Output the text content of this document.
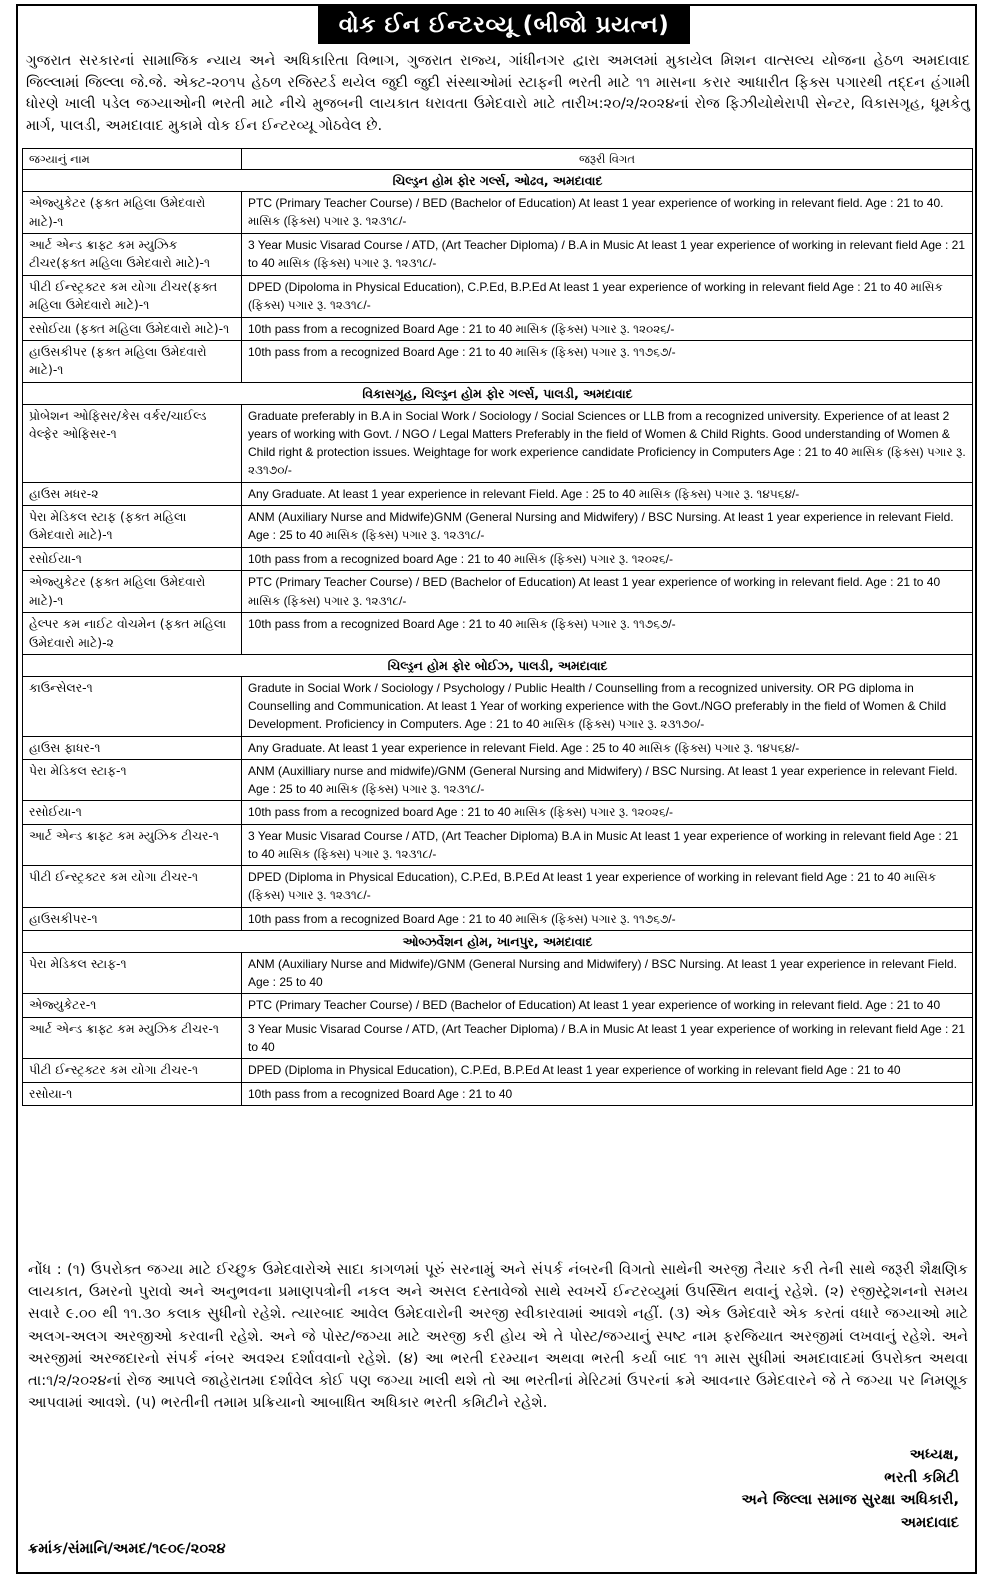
વોક ઈન ઈન્ટરવ્યૂ (બીજો પ્રયત્ન)

ગુજરાત સરકારનાં સામાજિક ન્યાય અને અધિકારિતા વિભાગ, ગુજરાત રાજ્ય, ગાંધીનગર દ્વારા અમલમાં મુકાયેલ મિશન વાત્સલ્ય યોજના હેઠળ અમદાવાદ જિલ્લામાં જિલ્લા જે.જે. એક્ટ-૨૦૧૫ હેઠળ રજિસ્ટર્ડ થયેલ જુદી જુદી સંસ્થાઓમાં સ્ટાફની ભરતી માટે ૧૧ માસના કરાર આધારીત ફિક્સ પગારથી તદ્દન હંગામી ધોરણે ખાલી પડેલ જગ્યાઓની ભરતી માટે નીચે મુજબની લાયકાત ધરાવતા ઉમેદવારો માટે તારીખ:૨૦/૨/૨૦૨૪નાં રોજ ફિઝીયોથેરાપી સેન્ટર, વિકાસગૃહ, ધૂમકેતુ માર્ગ, પાલડી, અમદાવાદ મુકામે વોક ઈન ઈન્ટરવ્યૂ ગોઠવેલ છે.

જગ્યાનું નામ	જરૂરી વિગત
ચિલ્ડ્રન હોમ ફોર ગર્લ્સ, ઓઢવ, અમદાવાદ	
એજ્યુકેટર (ફક્ત મહિલા ઉમેદવારો માટે)-૧	PTC (Primary Teacher Course) / BED (Bachelor of Education) At least 1 year experience of working in relevant field. Age : 21 to 40. માસિક (ફિક્સ) પગાર રૂ. ૧૨૩૧૮/-
આર્ટ એન્ડ ક્રાફ્ટ કમ મ્યુઝિક ટીચર(ફક્ત મહિલા ઉમેદવારો માટે)-૧	3 Year Music Visarad Course / ATD, (Art Teacher Diploma) / B.A in Music At least 1 year experience of working in relevant field Age : 21 to 40 માસિક (ફિક્સ) પગાર રૂ. ૧૨૩૧૮/-
પીટી ઈન્સ્ટ્રક્ટર કમ યોગા ટીચર(ફક્ત મહિલા ઉમેદવારો માટે)-૧	DPED (Dipoloma in Physical Education), C.P.Ed, B.P.Ed At least 1 year experience of working in relevant field Age : 21 to 40 માસિક (ફિક્સ) પગાર રૂ. ૧૨૩૧૮/-
રસોઈયા (ફક્ત મહિલા ઉમેદવારો માટે)-૧	10th pass from a recognized Board Age : 21 to 40 માસિક (ફિક્સ) પગાર રૂ. ૧૨૦૨૬/-
હાઉસકીપર (ફક્ત મહિલા ઉમેદવારો માટે)-૧	10th pass from a recognized Board Age : 21 to 40 માસિક (ફિક્સ) પગાર રૂ. ૧૧૭૬૭/-
વિકાસગૃહ, ચિલ્ડ્રન હોમ ફોર ગર્લ્સ, પાલડી, અમદાવાદ	
પ્રોબેશન ઓફિસર/કેસ વર્કર/ચાઈલ્ડ વેલ્ફેર ઓફિસર-૧	Graduate preferably in B.A in Social Work / Sociology / Social Sciences or LLB from a recognized university. Experience of at least 2 years of working with Govt. / NGO / Legal Matters Preferably in the field of Women & Child Rights. Good understanding of Women & Child right & protection issues. Weightage for work experience candidate Proficiency in Computers Age : 21 to 40 માસિક (ફિક્સ) પગાર રૂ. ૨૩૧૭૦/-
હાઉસ મધર-૨	Any Graduate. At least 1 year experience in relevant Field. Age : 25 to 40 માસિક (ફિક્સ) પગાર રૂ. ૧૪૫૬૪/-
પેરા મેડિકલ સ્ટાફ (ફક્ત મહિલા ઉમેદવારો માટે)-૧	ANM (Auxiliary Nurse and Midwife)GNM (General Nursing and Midwifery) / BSC Nursing. At least 1 year experience in relevant Field. Age : 25 to 40 માસિક (ફિક્સ) પગાર રૂ. ૧૨૩૧૮/-
રસોઈયા-૧	10th pass from a recognized board Age : 21 to 40 માસિક (ફિક્સ) પગાર રૂ. ૧૨૦૨૬/-
એજ્યુકેટર (ફક્ત મહિલા ઉમેદવારો માટે)-૧	PTC (Primary Teacher Course) / BED (Bachelor of Education) At least 1 year experience of working in relevant field. Age : 21 to 40 માસિક (ફિક્સ) પગાર રૂ. ૧૨૩૧૮/-
હેલ્પર કમ નાઈટ વોચમેન (ફક્ત મહિલા ઉમેદવારો માટે)-૨	10th pass from a recognized Board Age : 21 to 40 માસિક (ફિક્સ) પગાર રૂ. ૧૧૭૬૭/-
ચિલ્ડ્રન હોમ ફોર બોઈઝ, પાલડી, અમદાવાદ	
કાઉન્સેલર-૧	Gradute in Social Work / Sociology / Psychology / Public Health / Counselling from a recognized university. OR PG diploma in Counselling and Communication. At least 1 Year of working experience with the Govt./NGO preferably in the field of Women & Child Development. Proficiency in Computers. Age : 21 to 40 માસિક (ફિક્સ) પગાર રૂ. ૨૩૧૭૦/-
હાઉસ ફાધર-૧	Any Graduate. At least 1 year experience in relevant Field. Age : 25 to 40 માસિક (ફિક્સ) પગાર રૂ. ૧૪૫૬૪/-
પેરા મેડિકલ સ્ટાફ-૧	ANM (Auxilliary nurse and midwife)/GNM (General Nursing and Midwifery) / BSC Nursing. At least 1 year experience in relevant Field. Age : 25 to 40 માસિક (ફિક્સ) પગાર રૂ. ૧૨૩૧૮/-
રસોઈયા-૧	10th pass from a recognized board Age : 21 to 40 માસિક (ફિક્સ) પગાર રૂ. ૧૨૦૨૬/-
આર્ટ એન્ડ ક્રાફ્ટ કમ મ્યુઝિક ટીચર-૧	3 Year Music Visarad Course / ATD, (Art Teacher Diploma) B.A in Music At least 1 year experience of working in relevant field Age : 21 to 40 માસિક (ફિક્સ) પગાર રૂ. ૧૨૩૧૮/-
પીટી ઈન્સ્ટ્રક્ટર કમ યોગા ટીચર-૧	DPED (Diploma in Physical Education), C.P.Ed, B.P.Ed At least 1 year experience of working in relevant field Age : 21 to 40 માસિક (ફિક્સ) પગાર રૂ. ૧૨૩૧૮/-
હાઉસકીપર-૧	10th pass from a recognized Board Age : 21 to 40 માસિક (ફિક્સ) પગાર રૂ. ૧૧૭૬૭/-
ઓબ્ઝર્વેશન હોમ, ખાનપુર, અમદાવાદ	
પેરા મેડિકલ સ્ટાફ-૧	ANM (Auxiliary Nurse and Midwife)/GNM (General Nursing and Midwifery) / BSC Nursing. At least 1 year experience in relevant Field. Age : 25 to 40
એજ્યુકેટર-૧	PTC (Primary Teacher Course) / BED (Bachelor of Education) At least 1 year experience of working in relevant field. Age : 21 to 40
આર્ટ એન્ડ ક્રાફ્ટ કમ મ્યુઝિક ટીચર-૧	3 Year Music Visarad Course / ATD, (Art Teacher Diploma) / B.A in Music At least 1 year experience of working in relevant field Age : 21 to 40
પીટી ઈન્સ્ટ્રક્ટર કમ યોગા ટીચર-૧	DPED (Diploma in Physical Education), C.P.Ed, B.P.Ed At least 1 year experience of working in relevant field Age : 21 to 40
રસોયા-૧	10th pass from a recognized Board Age : 21 to 40

નોંધ : (૧) ઉપરોક્ત જગ્યા માટે ઈચ્છુક ઉમેદવારોએ સાદા કાગળમાં પૂરું સરનામું અને સંપર્ક નંબરની વિગતો સાથેની અરજી તૈયાર કરી તેની સાથે જરૂરી શૈક્ષણિક લાયકાત, ઉમરનો પુરાવો અને અનુભવના પ્રમાણપત્રોની નકલ અને અસલ દસ્તાવેજો સાથે સ્વખર્ચે ઈન્ટરવ્યુમાં ઉપસ્થિત થવાનું રહેશે. (૨) રજીસ્ટ્રેશનનો સમય સવારે ૯.૦૦ થી ૧૧.૩૦ કલાક સુધીનો રહેશે. ત્યારબાદ આવેલ ઉમેદવારોની અરજી સ્વીકારવામાં આવશે નહીં. (૩) એક ઉમેદવારે એક કરતાં વધારે જગ્યાઓ માટે અલગ-અલગ અરજીઓ કરવાની રહેશે. અને જે પોસ્ટ/જગ્યા માટે અરજી કરી હોય એ તે પોસ્ટ/જગ્યાનું સ્પષ્ટ નામ ફરજિયાત અરજીમાં લખવાનું રહેશે. અને અરજીમાં અરજદારનો સંપર્ક નંબર અવશ્ય દર્શાવવાનો રહેશે. (૪) આ ભરતી દરમ્યાન અથવા ભરતી કર્યા બાદ ૧૧ માસ સુધીમાં અમદાવાદમાં ઉપરોક્ત અથવા તા:૧/૨/૨૦૨૪નાં રોજ આપલે જાહેરાતમા દર્શાવેલ કોઈ પણ જગ્યા ખાલી થશે તો આ ભરતીનાં મેરિટમાં ઉપરનાં ક્રમે આવનાર ઉમેદવારને જે તે જગ્યા પર નિમણૂક આપવામાં આવશે. (૫) ભરતીની તમામ પ્રક્રિયાનો આબાધિત અધિકાર ભરતી કમિટીને રહેશે.

અધ્યક્ષ,
ભરતી કમિટી
અને જિલ્લા સમાજ સુરક્ષા અધિકારી,
અમદાવાદ
ક્રમાંક/સંમાનિ/અમદ/૧૯૦૯/૨૦૨૪
